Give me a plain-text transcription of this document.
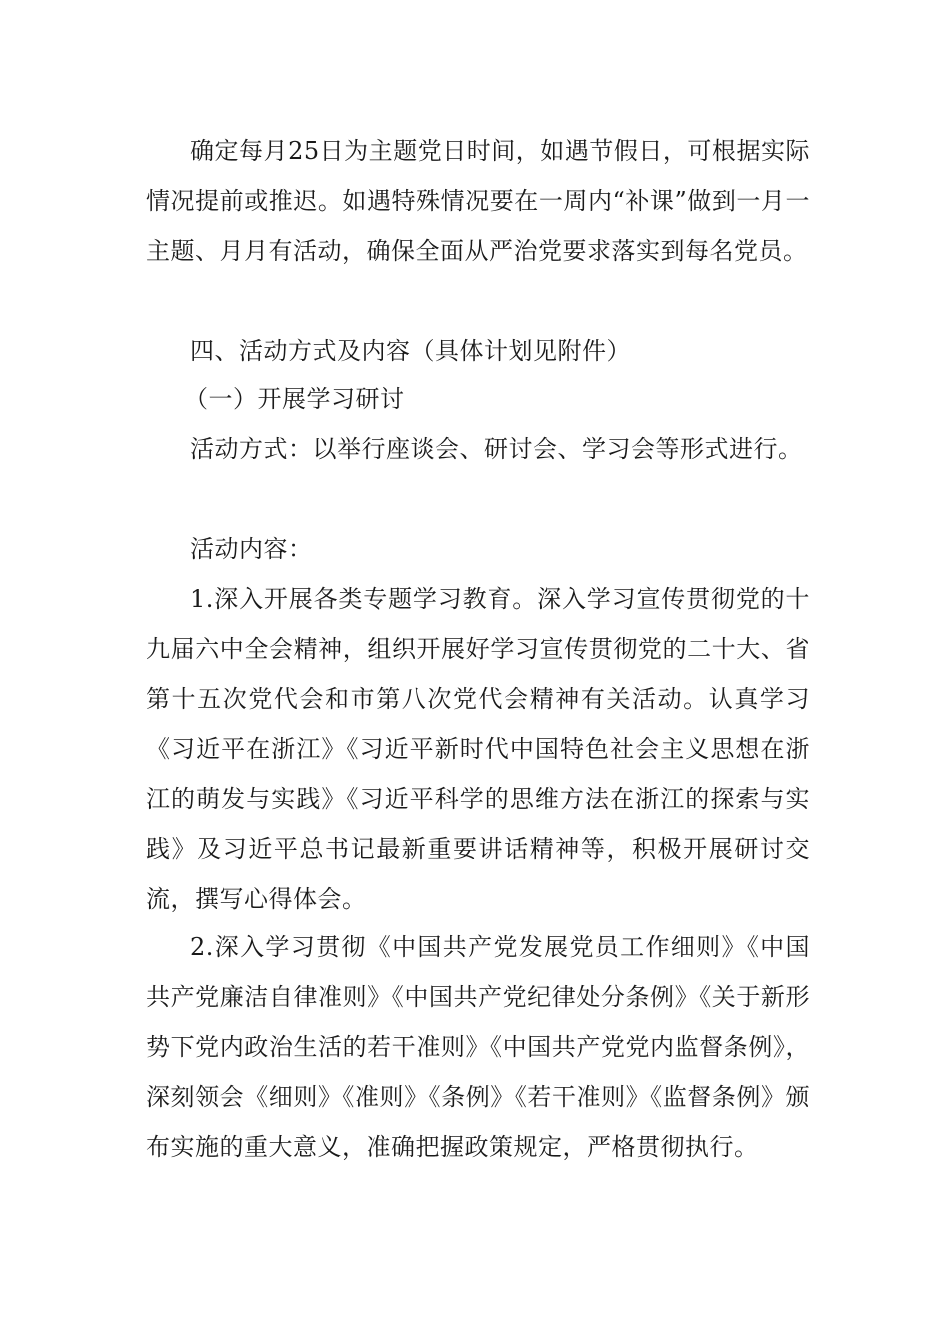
确定每月25日为主题党日时间，如遇节假日，可根据实际情况提前或推迟。如遇特殊情况要在一周内“补课”做到一月一主题、月月有活动，确保全面从严治党要求落实到每名党员。

四、活动方式及内容（具体计划见附件）

（一）开展学习研讨

活动方式：以举行座谈会、研讨会、学习会等形式进行。

活动内容：

1.深入开展各类专题学习教育。深入学习宣传贯彻党的十九届六中全会精神，组织开展好学习宣传贯彻党的二十大、省第十五次党代会和市第八次党代会精神有关活动。认真学习《习近平在浙江》《习近平新时代中国特色社会主义思想在浙江的萌发与实践》《习近平科学的思维方法在浙江的探索与实践》及习近平总书记最新重要讲话精神等，积极开展研讨交流，撰写心得体会。

2.深入学习贯彻《中国共产党发展党员工作细则》《中国共产党廉洁自律准则》《中国共产党纪律处分条例》《关于新形势下党内政治生活的若干准则》《中国共产党党内监督条例》，深刻领会《细则》《准则》《条例》《若干准则》《监督条例》颁布实施的重大意义，准确把握政策规定，严格贯彻执行。
